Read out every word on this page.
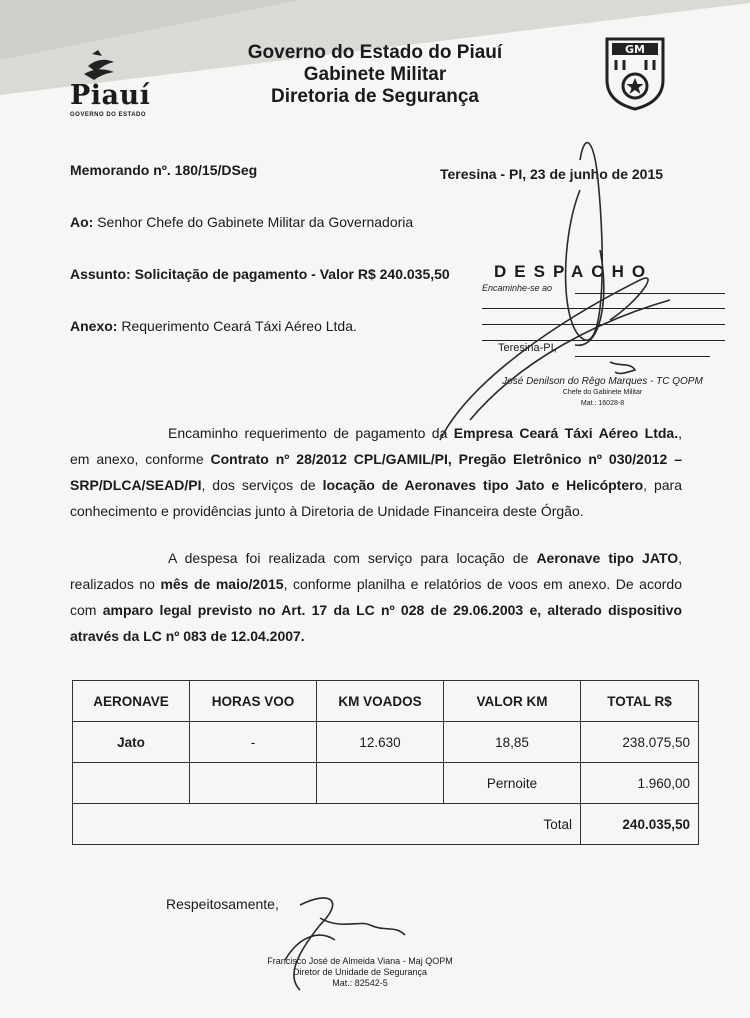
Piauí
GOVERNO DO ESTADO
Governo do Estado do Piauí
Gabinete Militar
Diretoria de Segurança
GM
Memorando nº. 180/15/DSeg	Teresina - PI, 23 de junho de 2015
Ao: Senhor Chefe do Gabinete Militar da Governadoria
Assunto: Solicitação de pagamento - Valor R$ 240.035,50
Anexo: Requerimento Ceará Táxi Aéreo Ltda.
DESPACHO
Encaminhe-se ao
Teresina-PI,
José Denilson do Rêgo Marques - TC QOPM
Chefe do Gabinete Militar
Mat.: 16028-8
Encaminho requerimento de pagamento da Empresa Ceará Táxi Aéreo Ltda., em anexo, conforme Contrato nº 28/2012 CPL/GAMIL/PI, Pregão Eletrônico nº 030/2012 – SRP/DLCA/SEAD/PI, dos serviços de locação de Aeronaves tipo Jato e Helicóptero, para conhecimento e providências junto à Diretoria de Unidade Financeira deste Órgão.
A despesa foi realizada com serviço para locação de Aeronave tipo JATO, realizados no mês de maio/2015, conforme planilha e relatórios de voos em anexo. De acordo com amparo legal previsto no Art. 17 da LC nº 028 de 29.06.2003 e, alterado dispositivo através da LC nº 083 de 12.04.2007.
AERONAVE	HORAS VOO	KM VOADOS	VALOR KM	TOTAL R$
Jato	-	12.630	18,85	238.075,50
			Pernoite	1.960,00
Total				240.035,50
Respeitosamente,
Francisco José de Almeida Viana - Maj QOPM
Diretor de Unidade de Segurança
Mat.: 82542-5
